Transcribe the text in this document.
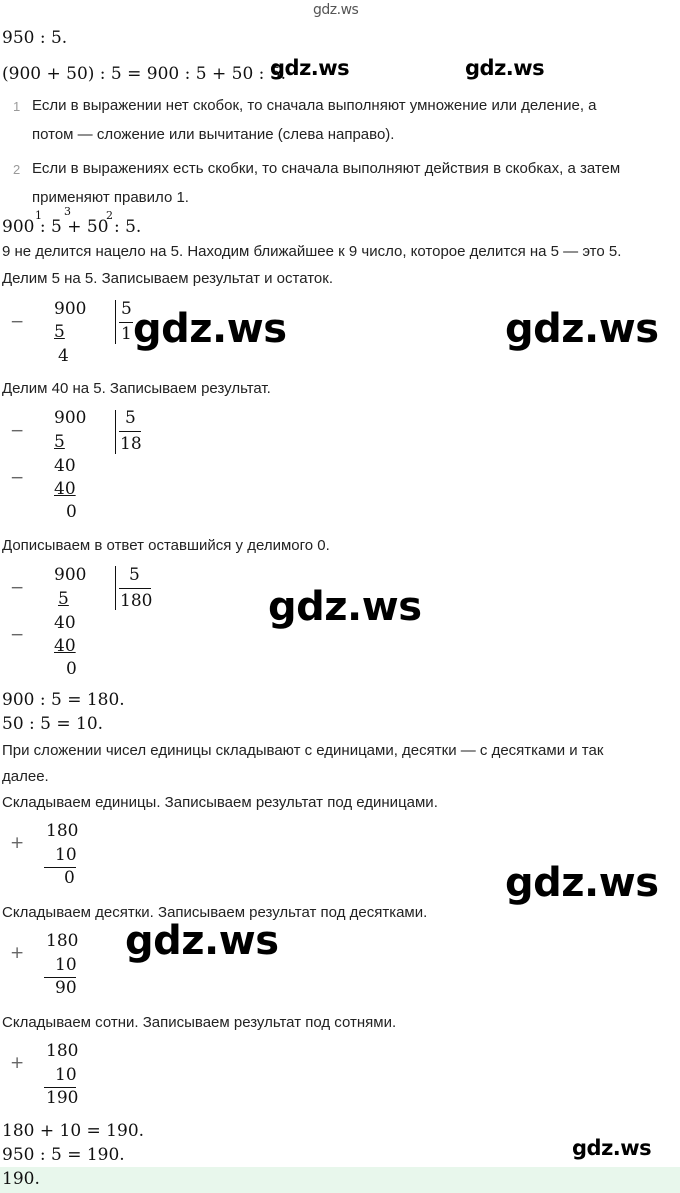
gdz.ws
950 : 5.
(900 + 50) : 5 = 900 : 5 + 50 : 5.
gdz.ws	gdz.ws
1 Если в выражении нет скобок, то сначала выполняют умножение или деление, а
потом — сложение или вычитание (слева направо).
2 Если в выражениях есть скобки, то сначала выполняют действия в скобках, а затем
применяют правило 1.
900 : 5 + 50 : 5.
1 3	2
9 не делится нацело на 5. Находим ближайшее к 9 число, которое делится на 5 — это 5.
Делим 5 на 5. Записываем результат и остаток.
−
900
5
4
5
1 gdz.ws	gdz.ws
Делим 40 на 5. Записываем результат.
−
−
900
5
40
40
0
5
18
Дописываем в ответ оставшийся у делимого 0.
−
−
900
5
40
40
0
5
180	gdz.ws
900 : 5 = 180.
50 : 5 = 10.
При сложении чисел единицы складывают с единицами, десятки — с десятками и так
далее.
Складываем единицы. Записываем результат под единицами.
+
180
10
0	gdz.ws
Складываем десятки. Записываем результат под десятками.
+
180
10
90
gdz.ws
Складываем сотни. Записываем результат под сотнями.
+
180
10
190
180 + 10 = 190.
950 : 5 = 190.	gdz.ws
190.
